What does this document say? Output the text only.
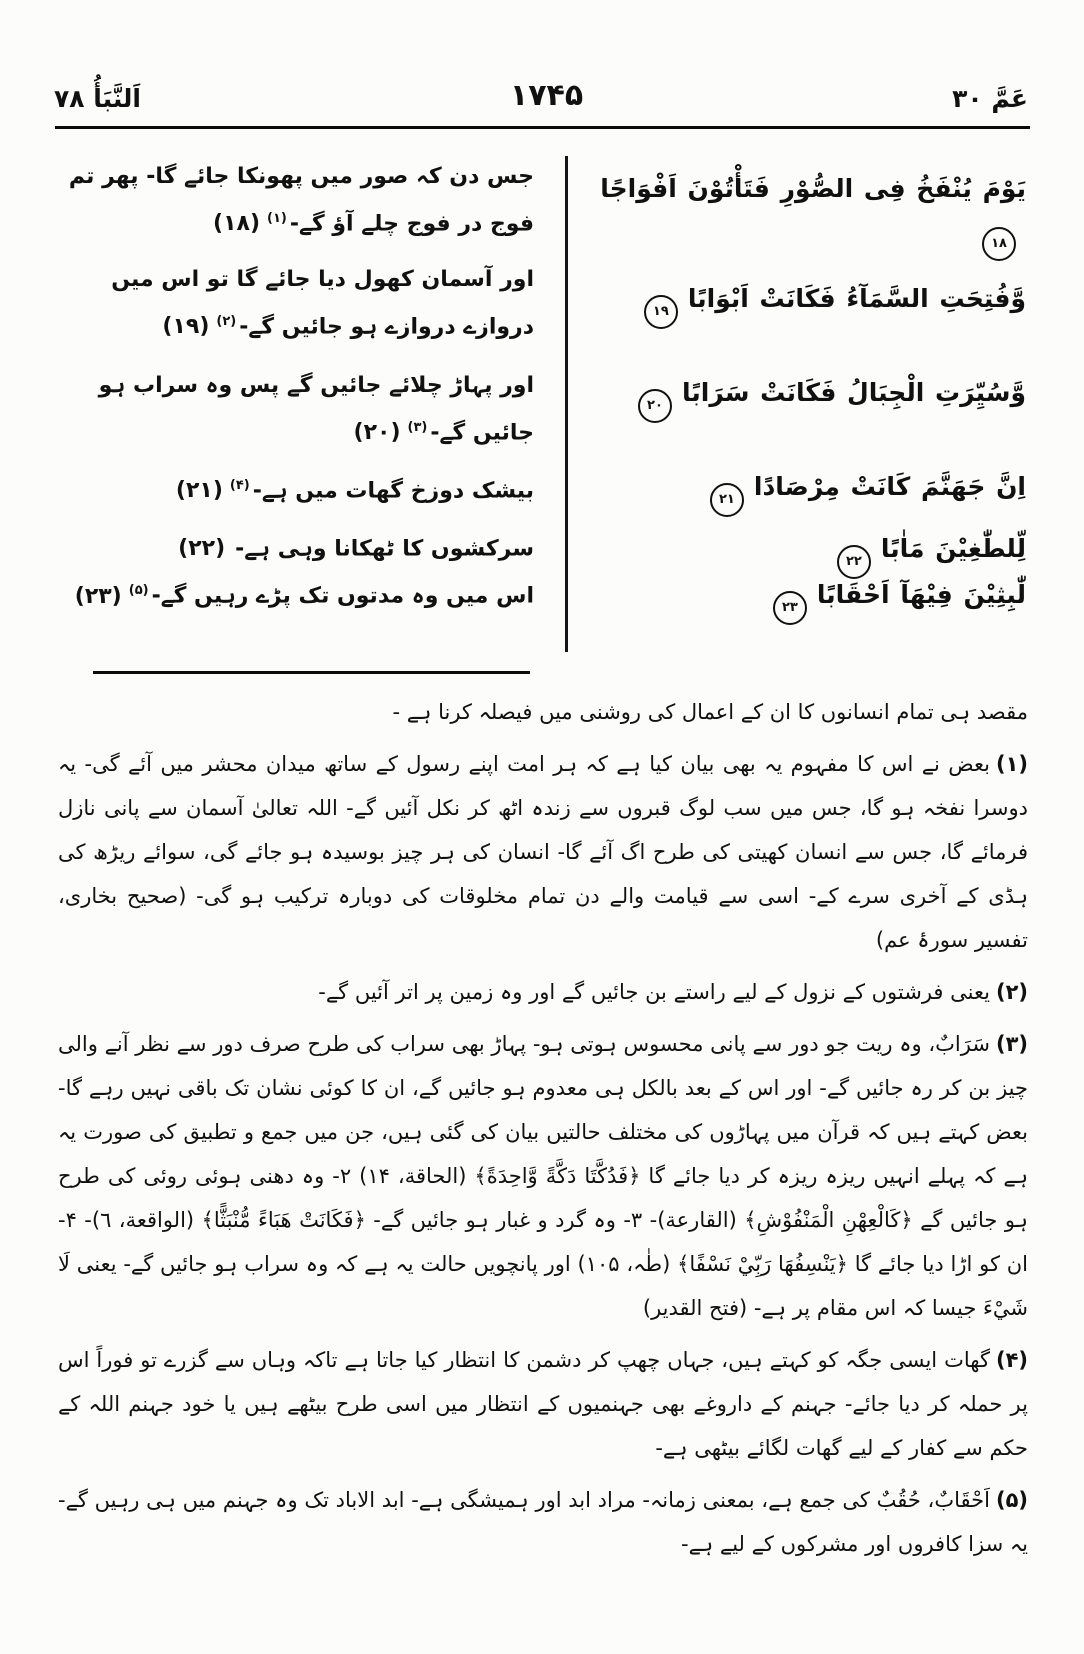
عَمَّ ۳۰
۱۷۴۵
اَلنَّبَأُ ۷۸
يَوْمَ يُنْفَخُ فِى الصُّوْرِ فَتَأْتُوْنَ اَفْوَاجًا۱۸
وَّفُتِحَتِ السَّمَآءُ فَكَانَتْ اَبْوَابًا۱۹
وَّسُيِّرَتِ الْجِبَالُ فَكَانَتْ سَرَابًا۲۰
اِنَّ جَهَنَّمَ كَانَتْ مِرْصَادًا۲۱
لِّلطّٰغِيْنَ مَاٰبًا۲۲
لّٰبِثِيْنَ فِيْهَآ اَحْقَابًا۲۳

جس دن کہ صور میں پھونکا جائے گا- پھر تم فوج در فوج چلے آؤ گے-$^{(۱)}$(۱۸)

اور آسمان کھول دیا جائے گا تو اس میں دروازے دروازے ہو جائیں گے-$^{(۲)}$(۱۹)

اور پہاڑ چلائے جائیں گے پس وہ سراب ہو جائیں گے-$^{(۳)}$(۲۰)

بیشک دوزخ گھات میں ہے-$^{(۴)}$(۲۱)

سرکشوں کا ٹھکانا وہی ہے-(۲۲)

اس میں وہ مدتوں تک پڑے رہیں گے-$^{(۵)}$(۲۳)

مقصد ہی تمام انسانوں کا ان کے اعمال کی روشنی میں فیصلہ کرنا ہے -

(۱)بعض نے اس کا مفہوم یہ بھی بیان کیا ہے کہ ہر امت اپنے رسول کے ساتھ میدان محشر میں آئے گی- یہ دوسرا نفخہ ہو گا، جس میں سب لوگ قبروں سے زندہ اٹھ کر نکل آئیں گے- اللہ تعالیٰ آسمان سے پانی نازل فرمائے گا، جس سے انسان کھیتی کی طرح اگ آئے گا- انسان کی ہر چیز بوسیدہ ہو جائے گی، سوائے ریڑھ کی ہڈی کے آخری سرے کے- اسی سے قیامت والے دن تمام مخلوقات کی دوبارہ ترکیب ہو گی- (صحیح بخاری، تفسیر سورۂ عم)

(۲)یعنی فرشتوں کے نزول کے لیے راستے بن جائیں گے اور وہ زمین پر اتر آئیں گے-

(۳)سَرَابٌ، وہ ریت جو دور سے پانی محسوس ہوتی ہو- پہاڑ بھی سراب کی طرح صرف دور سے نظر آنے والی چیز بن کر رہ جائیں گے- اور اس کے بعد بالکل ہی معدوم ہو جائیں گے، ان کا کوئی نشان تک باقی نہیں رہے گا- بعض کہتے ہیں کہ قرآن میں پہاڑوں کی مختلف حالتیں بیان کی گئی ہیں، جن میں جمع و تطبیق کی صورت یہ ہے کہ پہلے انہیں ریزہ ریزہ کر دیا جائے گا ﴿فَدُكَّتَا دَكَّةً وَّاحِدَةً﴾ (الحاقة، ۱۴) ۲- وہ دھنی ہوئی روئی کی طرح ہو جائیں گے ﴿كَالْعِهْنِ الْمَنْفُوْشِ﴾ (القارعة)- ۳- وہ گرد و غبار ہو جائیں گے- ﴿فَكَانَتْ هَبَاءً مُّنْبَثًّا﴾ (الواقعة، ٦)- ۴- ان کو اڑا دیا جائے گا ﴿يَنْسِفُهَا رَبِّيْ نَسْفًا﴾ (طٰہ، ۱۰۵) اور پانچویں حالت یہ ہے کہ وہ سراب ہو جائیں گے- یعنی لَا شَيْءَ جیسا کہ اس مقام پر ہے- (فتح القدیر)

(۴)گھات ایسی جگہ کو کہتے ہیں، جہاں چھپ کر دشمن کا انتظار کیا جاتا ہے تاکہ وہاں سے گزرے تو فوراً اس پر حملہ کر دیا جائے- جہنم کے داروغے بھی جہنمیوں کے انتظار میں اسی طرح بیٹھے ہیں یا خود جہنم اللہ کے حکم سے کفار کے لیے گھات لگائے بیٹھی ہے-

(۵)اَحْقَابٌ، حُقُبٌ کی جمع ہے، بمعنی زمانہ- مراد ابد اور ہمیشگی ہے- ابد الاباد تک وہ جہنم میں ہی رہیں گے- یہ سزا کافروں اور مشرکوں کے لیے ہے-
